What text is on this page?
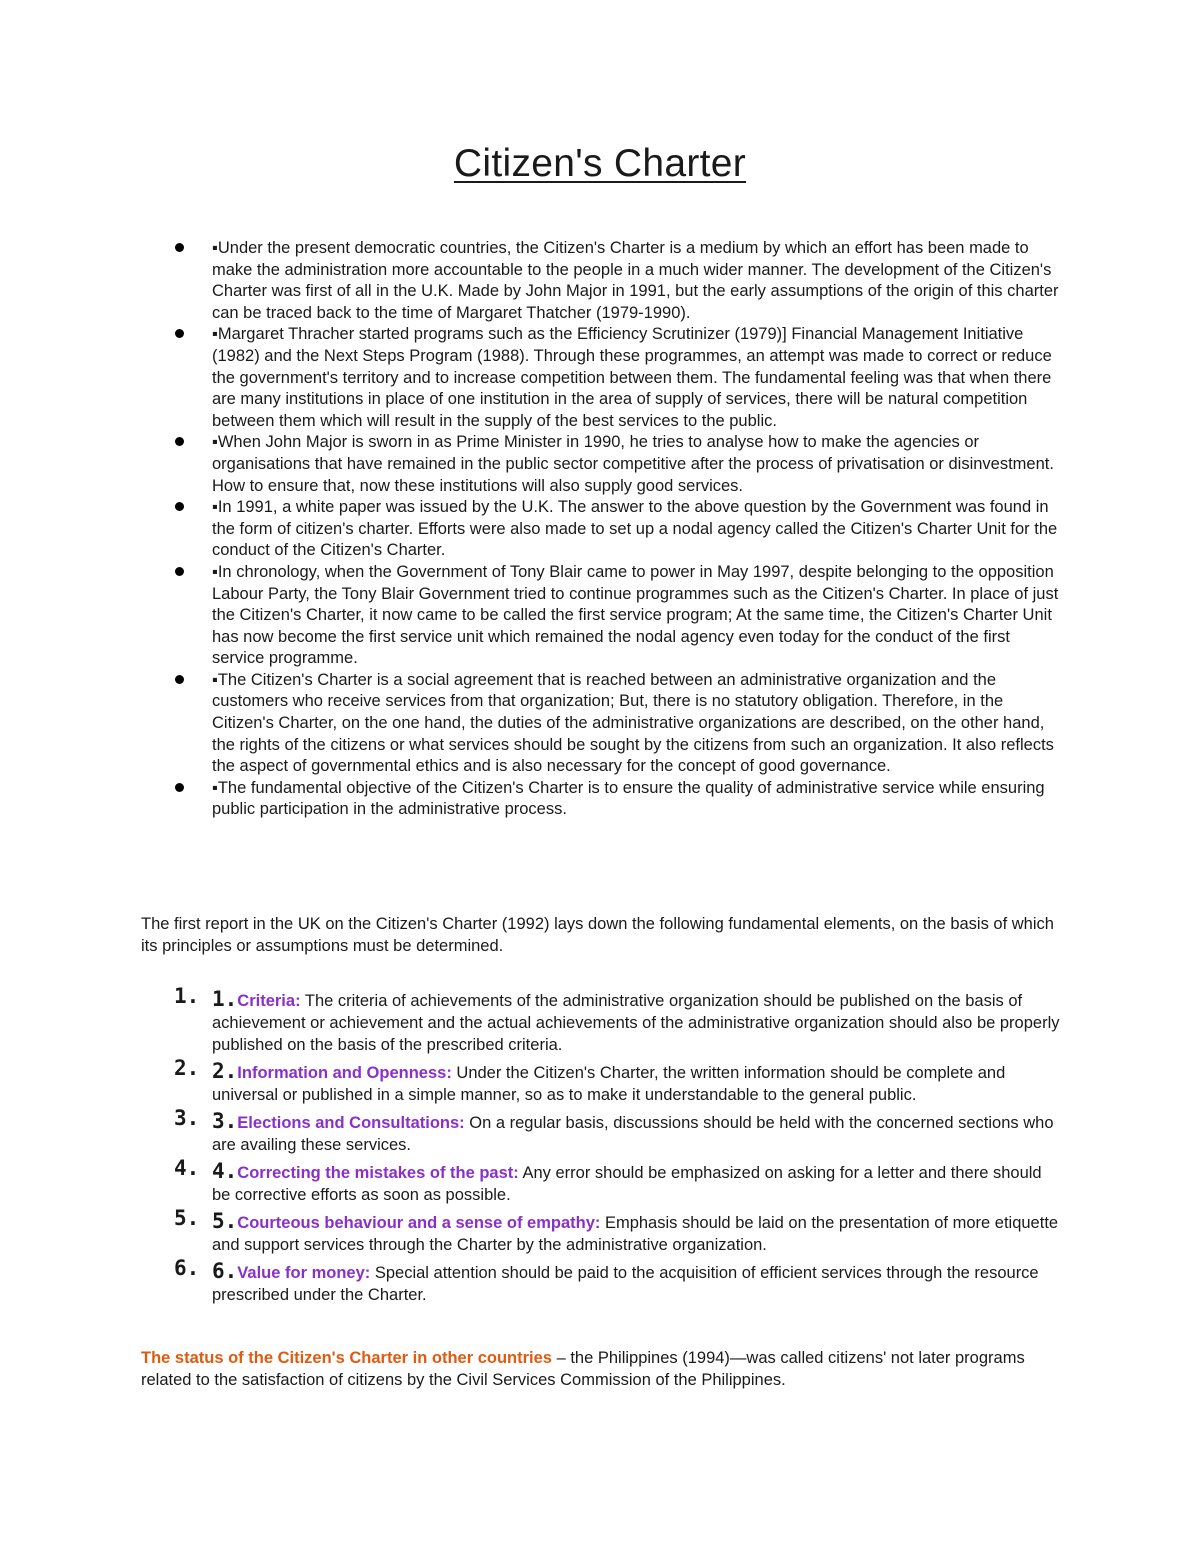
Citizen's Charter
▪Under the present democratic countries, the Citizen's Charter is a medium by which an effort has been made to make the administration more accountable to the people in a much wider manner. The development of the Citizen's Charter was first of all in the U.K. Made by John Major in 1991, but the early assumptions of the origin of this charter can be traced back to the time of Margaret Thatcher (1979-1990).
▪Margaret Thracher started programs such as the Efficiency Scrutinizer (1979)] Financial Management Initiative (1982) and the Next Steps Program (1988). Through these programmes, an attempt was made to correct or reduce the government's territory and to increase competition between them. The fundamental feeling was that when there are many institutions in place of one institution in the area of supply of services, there will be natural competition between them which will result in the supply of the best services to the public.
▪When John Major is sworn in as Prime Minister in 1990, he tries to analyse how to make the agencies or organisations that have remained in the public sector competitive after the process of privatisation or disinvestment. How to ensure that, now these institutions will also supply good services.
▪In 1991, a white paper was issued by the U.K. The answer to the above question by the Government was found in the form of citizen's charter. Efforts were also made to set up a nodal agency called the Citizen's Charter Unit for the conduct of the Citizen's Charter.
▪In chronology, when the Government of Tony Blair came to power in May 1997, despite belonging to the opposition Labour Party, the Tony Blair Government tried to continue programmes such as the Citizen's Charter. In place of just the Citizen's Charter, it now came to be called the first service program; At the same time, the Citizen's Charter Unit has now become the first service unit which remained the nodal agency even today for the conduct of the first service programme.
▪The Citizen's Charter is a social agreement that is reached between an administrative organization and the customers who receive services from that organization; But, there is no statutory obligation. Therefore, in the Citizen's Charter, on the one hand, the duties of the administrative organizations are described, on the other hand, the rights of the citizens or what services should be sought by the citizens from such an organization. It also reflects the aspect of governmental ethics and is also necessary for the concept of good governance.
▪The fundamental objective of the Citizen's Charter is to ensure the quality of administrative service while ensuring public participation in the administrative process.

The first report in the UK on the Citizen's Charter (1992) lays down the following fundamental elements, on the basis of which its principles or assumptions must be determined.

1. 1.Criteria: The criteria of achievements of the administrative organization should be published on the basis of achievement or achievement and the actual achievements of the administrative organization should also be properly published on the basis of the prescribed criteria.
2. 2.Information and Openness: Under the Citizen's Charter, the written information should be complete and universal or published in a simple manner, so as to make it understandable to the general public.
3. 3.Elections and Consultations: On a regular basis, discussions should be held with the concerned sections who are availing these services.
4. 4.Correcting the mistakes of the past: Any error should be emphasized on asking for a letter and there should be corrective efforts as soon as possible.
5. 5.Courteous behaviour and a sense of empathy: Emphasis should be laid on the presentation of more etiquette and support services through the Charter by the administrative organization.
6. 6.Value for money: Special attention should be paid to the acquisition of efficient services through the resource prescribed under the Charter.

The status of the Citizen's Charter in other countries – the Philippines (1994)—was called citizens' not later programs related to the satisfaction of citizens by the Civil Services Commission of the Philippines.
